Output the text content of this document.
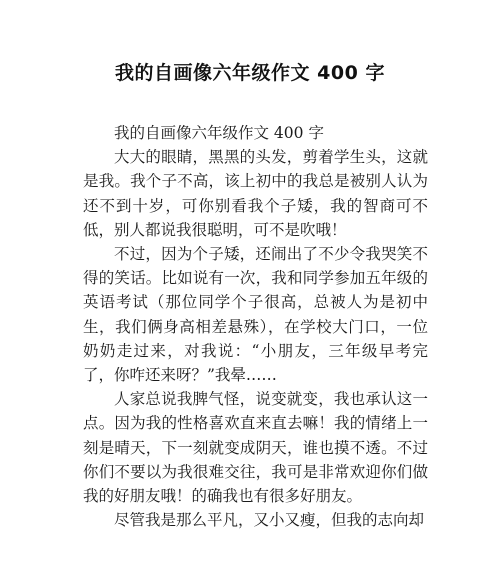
我的自画像六年级作文 400 字

我的自画像六年级作文 400 字

大大的眼睛，黑黑的头发，剪着学生头，这就是我。我个子不高，该上初中的我总是被别人认为还不到十岁，可你别看我个子矮，我的智商可不低，别人都说我很聪明，可不是吹哦！

不过，因为个子矮，还闹出了不少令我哭笑不得的笑话。比如说有一次，我和同学参加五年级的英语考试（那位同学个子很高，总被人为是初中生，我们俩身高相差悬殊），在学校大门口，一位奶奶走过来，对我说：“小朋友，三年级早考完了，你咋还来呀？”我晕……

人家总说我脾气怪，说变就变，我也承认这一点。因为我的性格喜欢直来直去嘛！我的情绪上一刻是晴天，下一刻就变成阴天，谁也摸不透。不过你们不要以为我很难交往，我可是非常欢迎你们做我的好朋友哦！的确我也有很多好朋友。

尽管我是那么平凡，又小又瘦，但我的志向却
